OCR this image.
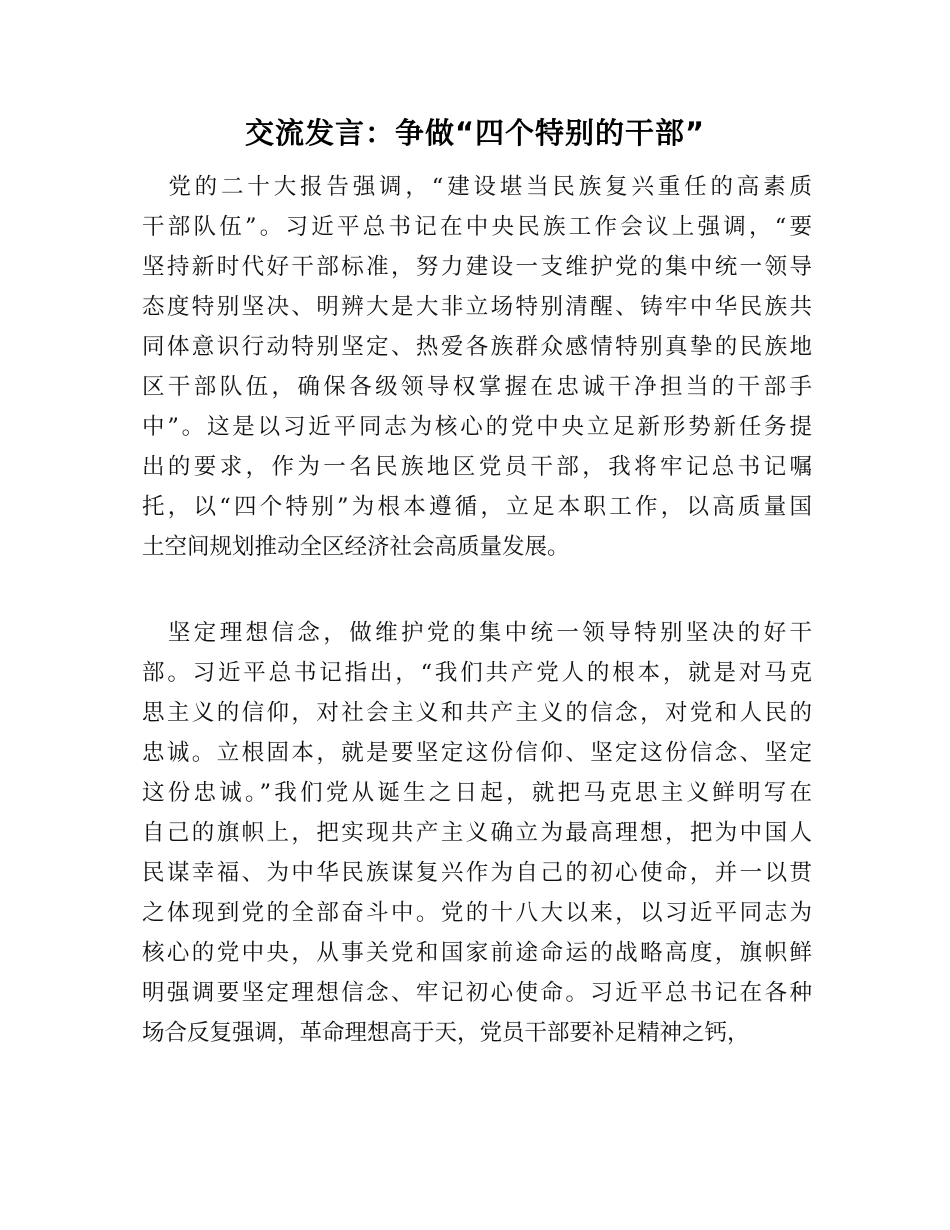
交流发言：争做“四个特别的干部”
　党的二十大报告强调，“建设堪当民族复兴重任的高素质
干部队伍”。习近平总书记在中央民族工作会议上强调，“要
坚持新时代好干部标准，努力建设一支维护党的集中统一领导
态度特别坚决、明辨大是大非立场特别清醒、铸牢中华民族共
同体意识行动特别坚定、热爱各族群众感情特别真挚的民族地
区干部队伍，确保各级领导权掌握在忠诚干净担当的干部手
中”。这是以习近平同志为核心的党中央立足新形势新任务提
出的要求，作为一名民族地区党员干部，我将牢记总书记嘱
托，以“四个特别”为根本遵循，立足本职工作，以高质量国
土空间规划推动全区经济社会高质量发展。
　坚定理想信念，做维护党的集中统一领导特别坚决的好干
部。习近平总书记指出，“我们共产党人的根本，就是对马克
思主义的信仰，对社会主义和共产主义的信念，对党和人民的
忠诚。立根固本，就是要坚定这份信仰、坚定这份信念、坚定
这份忠诚。”我们党从诞生之日起，就把马克思主义鲜明写在
自己的旗帜上，把实现共产主义确立为最高理想，把为中国人
民谋幸福、为中华民族谋复兴作为自己的初心使命，并一以贯
之体现到党的全部奋斗中。党的十八大以来，以习近平同志为
核心的党中央，从事关党和国家前途命运的战略高度，旗帜鲜
明强调要坚定理想信念、牢记初心使命。习近平总书记在各种
场合反复强调，革命理想高于天，党员干部要补足精神之钙，
